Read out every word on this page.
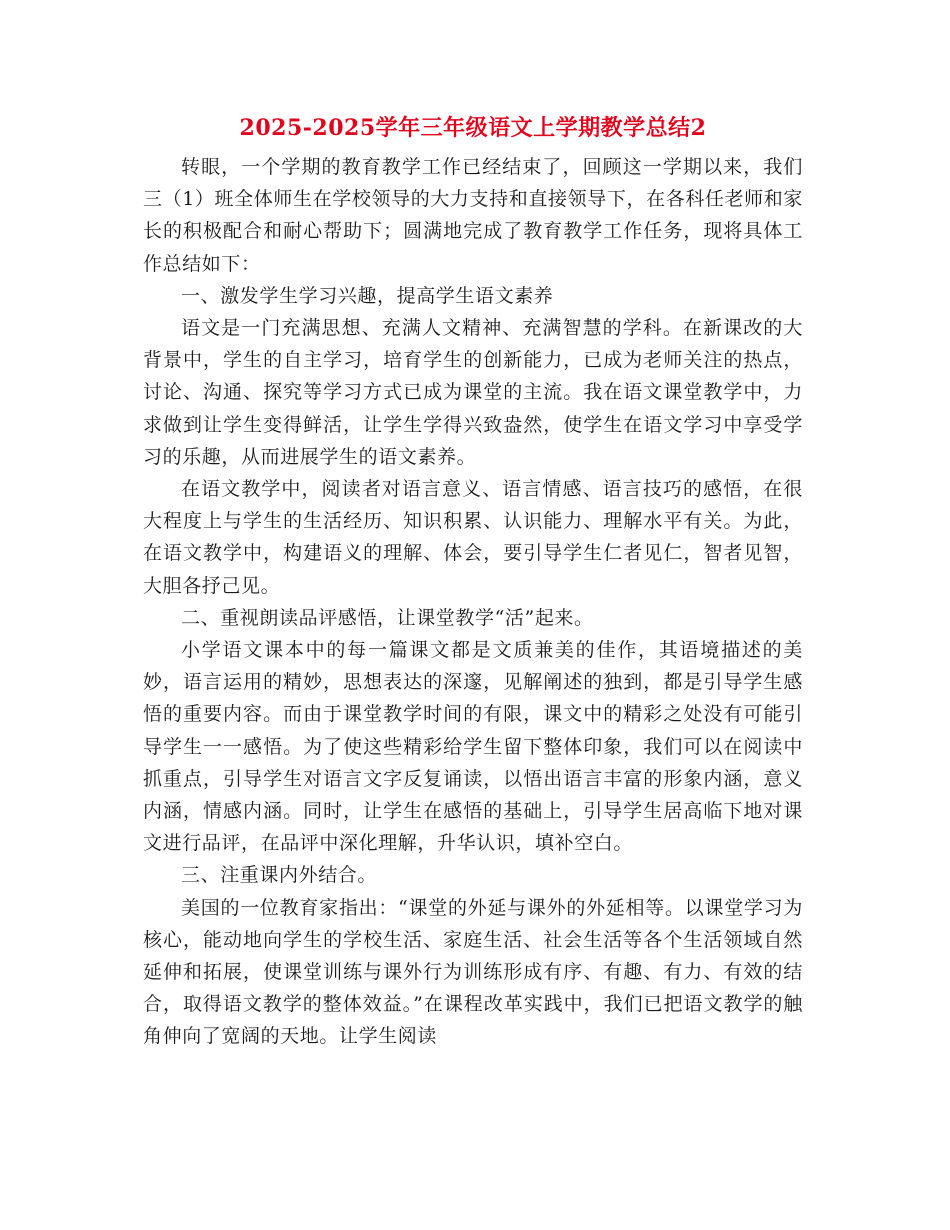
2025-2025学年三年级语文上学期教学总结2

转眼，一个学期的教育教学工作已经结束了，回顾这一学期以来，我们三（1）班全体师生在学校领导的大力支持和直接领导下，在各科任老师和家长的积极配合和耐心帮助下；圆满地完成了教育教学工作任务，现将具体工作总结如下：

一、激发学生学习兴趣，提高学生语文素养

语文是一门充满思想、充满人文精神、充满智慧的学科。在新课改的大背景中，学生的自主学习，培育学生的创新能力，已成为老师关注的热点，讨论、沟通、探究等学习方式已成为课堂的主流。我在语文课堂教学中，力求做到让学生变得鲜活，让学生学得兴致盎然，使学生在语文学习中享受学习的乐趣，从而进展学生的语文素养。

在语文教学中，阅读者对语言意义、语言情感、语言技巧的感悟，在很大程度上与学生的生活经历、知识积累、认识能力、理解水平有关。为此，在语文教学中，构建语义的理解、体会，要引导学生仁者见仁，智者见智，大胆各抒己见。

二、重视朗读品评感悟，让课堂教学“活”起来。

小学语文课本中的每一篇课文都是文质兼美的佳作，其语境描述的美妙，语言运用的精妙，思想表达的深邃，见解阐述的独到，都是引导学生感悟的重要内容。而由于课堂教学时间的有限，课文中的精彩之处没有可能引导学生一一感悟。为了使这些精彩给学生留下整体印象，我们可以在阅读中抓重点，引导学生对语言文字反复诵读，以悟出语言丰富的形象内涵，意义内涵，情感内涵。同时，让学生在感悟的基础上，引导学生居高临下地对课文进行品评，在品评中深化理解，升华认识，填补空白。

三、注重课内外结合。

美国的一位教育家指出：“课堂的外延与课外的外延相等。以课堂学习为核心，能动地向学生的学校生活、家庭生活、社会生活等各个生活领域自然延伸和拓展，使课堂训练与课外行为训练形成有序、有趣、有力、有效的结合，取得语文教学的整体效益。”在课程改革实践中，我们已把语文教学的触角伸向了宽阔的天地。让学生阅读
